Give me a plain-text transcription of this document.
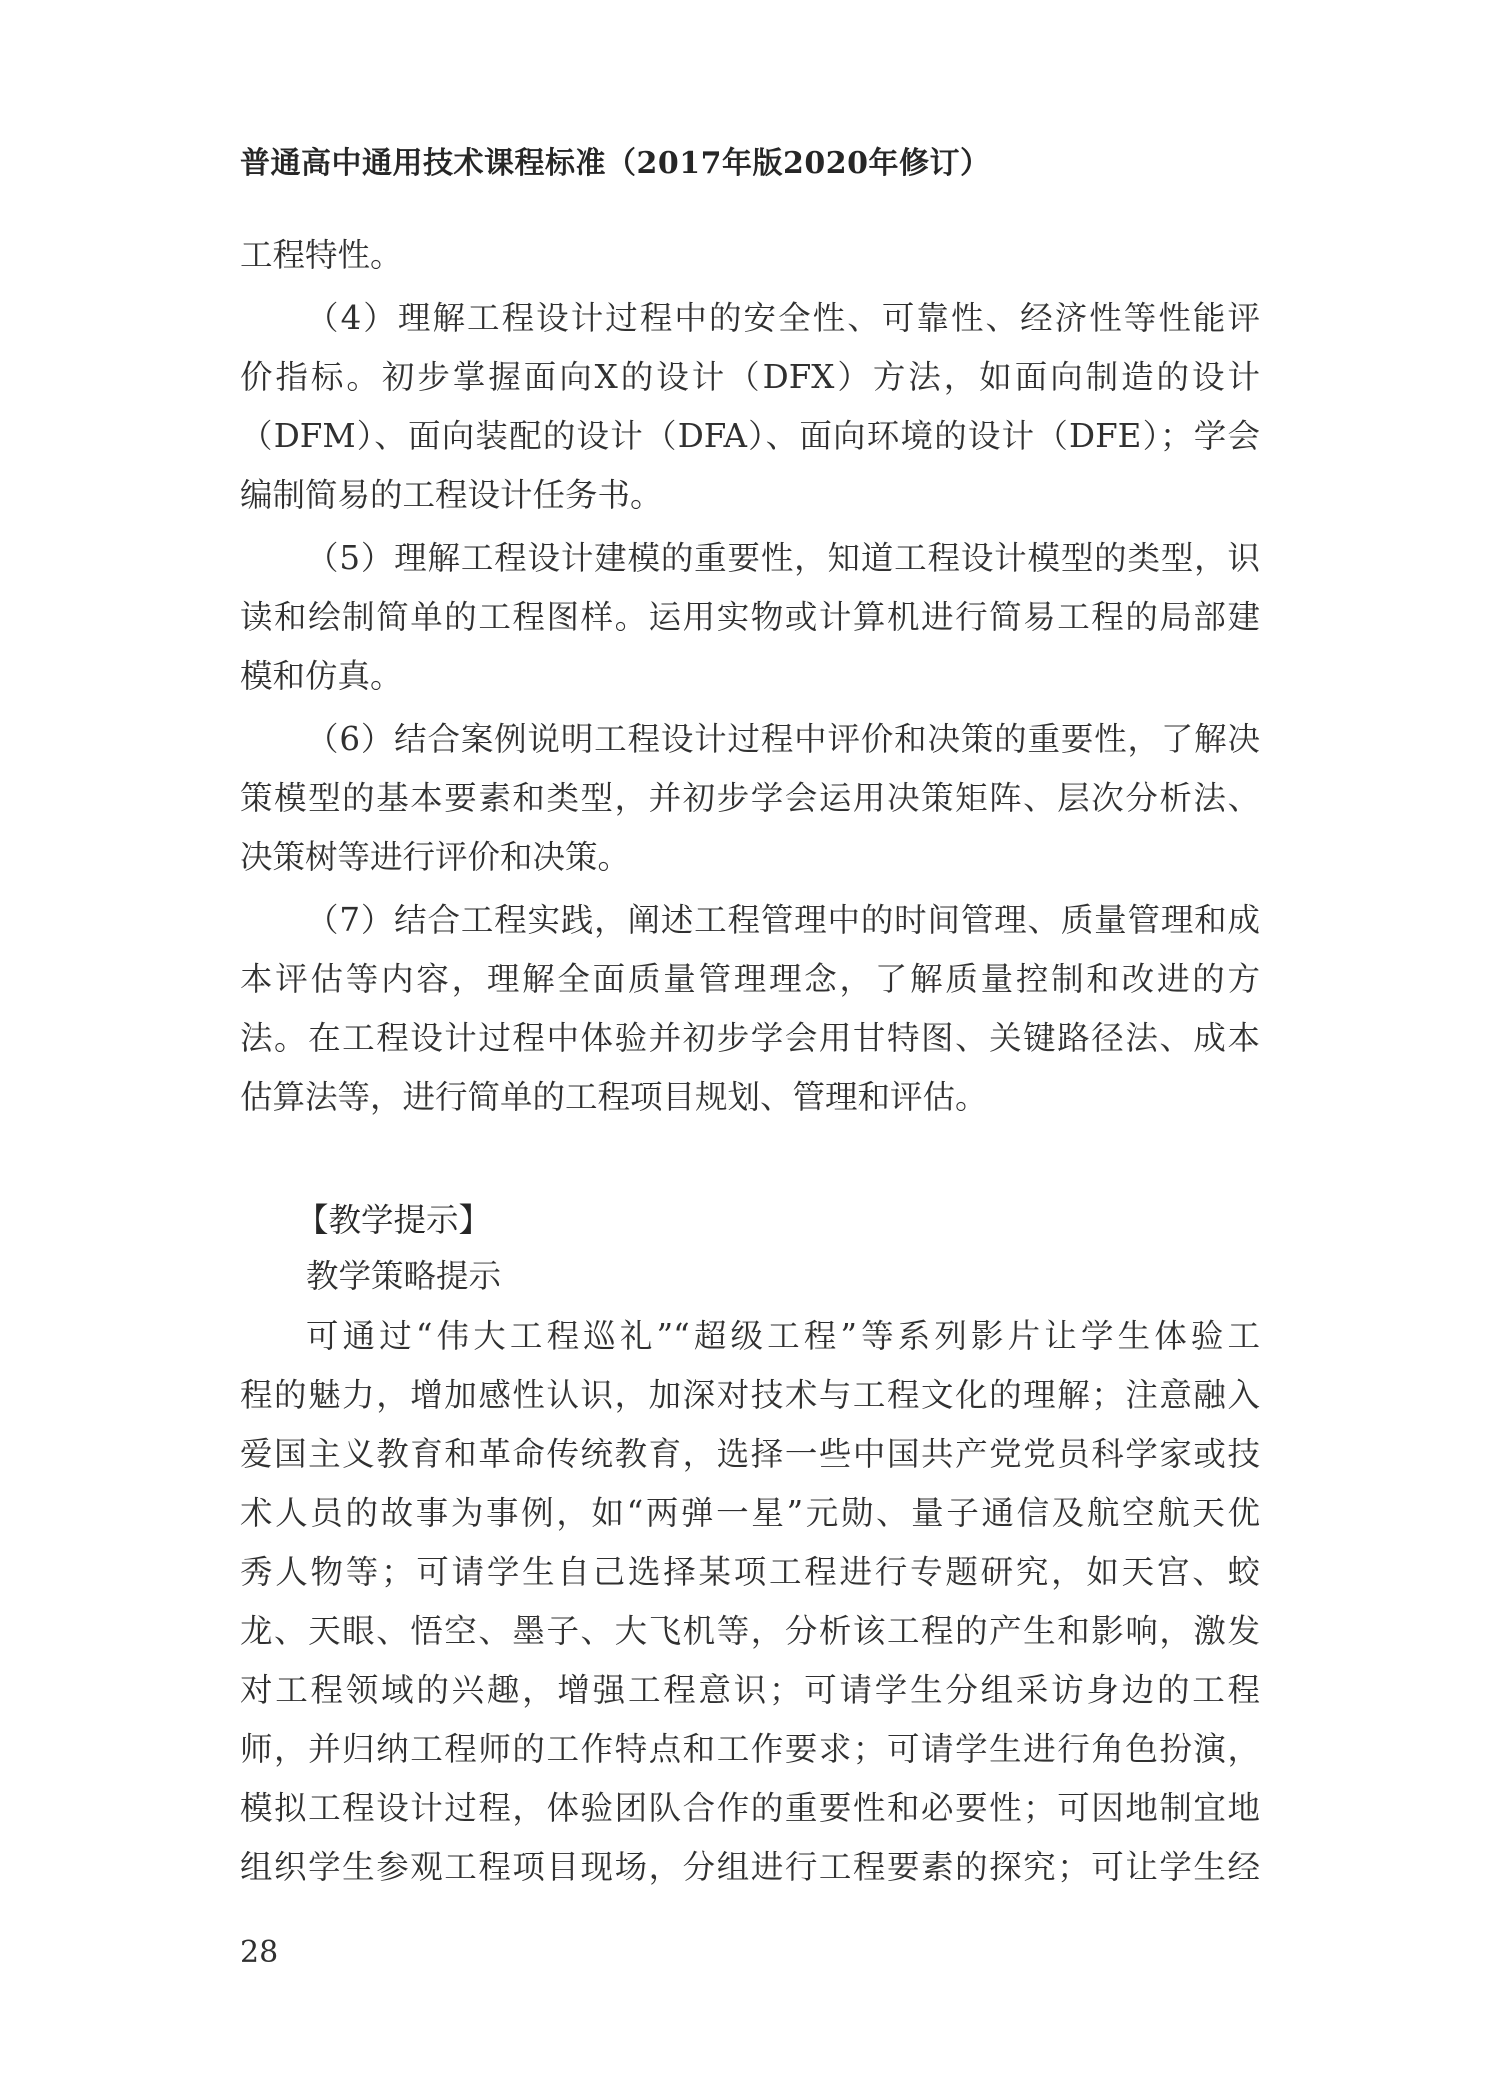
普通高中通用技术课程标准（2017年版2020年修订）
工程特性。
（4）理解工程设计过程中的安全性、可靠性、经济性等性能评
价指标。初步掌握面向X的设计（DFX）方法，如面向制造的设计
（DFM）、面向装配的设计（DFA）、面向环境的设计（DFE）；学会
编制简易的工程设计任务书。
（5）理解工程设计建模的重要性，知道工程设计模型的类型，识
读和绘制简单的工程图样。运用实物或计算机进行简易工程的局部建
模和仿真。
（6）结合案例说明工程设计过程中评价和决策的重要性，了解决
策模型的基本要素和类型，并初步学会运用决策矩阵、层次分析法、
决策树等进行评价和决策。
（7）结合工程实践，阐述工程管理中的时间管理、质量管理和成
本评估等内容，理解全面质量管理理念，了解质量控制和改进的方
法。在工程设计过程中体验并初步学会用甘特图、关键路径法、成本
估算法等，进行简单的工程项目规划、管理和评估。
【教学提示】
教学策略提示
可通过“伟大工程巡礼”“超级工程”等系列影片让学生体验工
程的魅力，增加感性认识，加深对技术与工程文化的理解；注意融入
爱国主义教育和革命传统教育，选择一些中国共产党党员科学家或技
术人员的故事为事例，如“两弹一星”元勋、量子通信及航空航天优
秀人物等；可请学生自己选择某项工程进行专题研究，如天宫、蛟
龙、天眼、悟空、墨子、大飞机等，分析该工程的产生和影响，激发
对工程领域的兴趣，增强工程意识；可请学生分组采访身边的工程
师，并归纳工程师的工作特点和工作要求；可请学生进行角色扮演，
模拟工程设计过程，体验团队合作的重要性和必要性；可因地制宜地
组织学生参观工程项目现场，分组进行工程要素的探究；可让学生经
28
